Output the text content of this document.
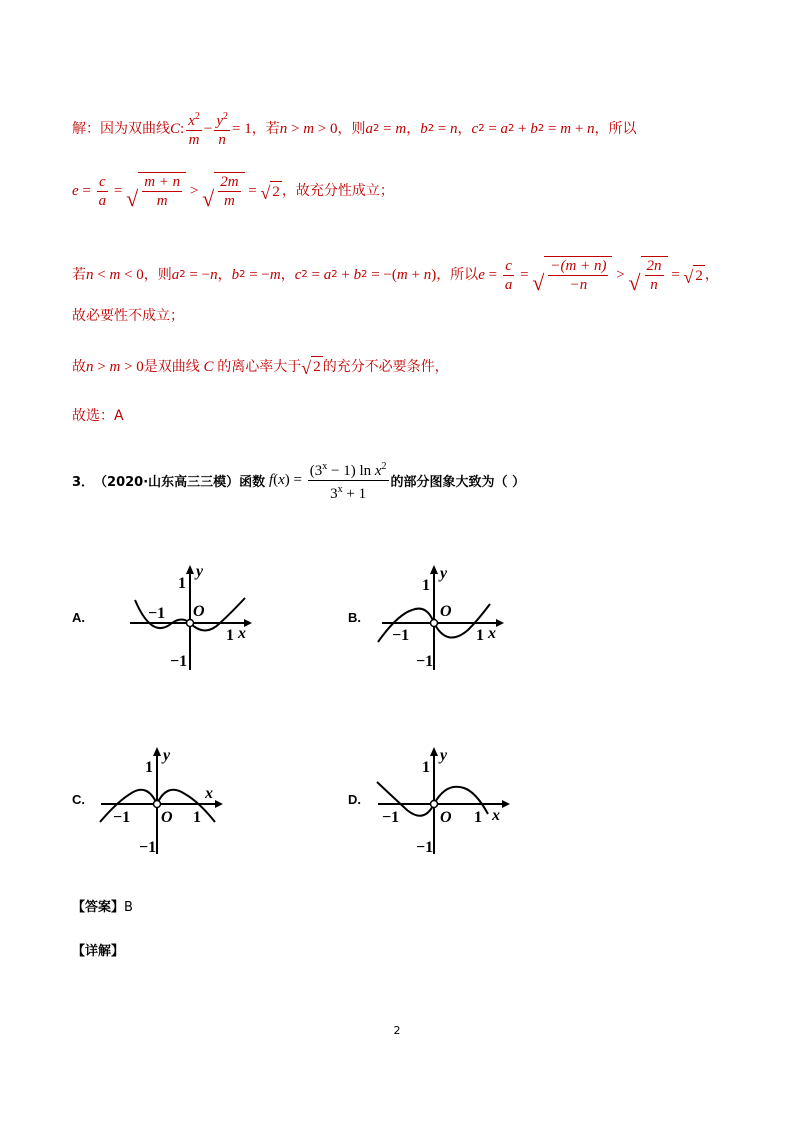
解：因为双曲线 C : $\frac{x^2}{m} - \frac{y^2}{n} = 1$ ，若 n > m > 0 ，则 a 2 = m ， b 2 = n ， c 2 = a 2 + b 2 = m + n ，所以
$e = \frac{c}{a}$ = √ $\frac{m + n}{m}$ > √ $\frac{2m}{m}$ = √ 2 ，故充分性成立；
若 n < m < 0 ，则 a 2 = − n ， b 2 = − m ， c 2 = a 2 + b 2 = −( m + n ) ，所以 $e = \frac{c}{a}$ = √ $\frac{-(m + n)}{-n}$ > √ $\frac{2n}{n}$ = √ 2 ，
故必要性不成立；
故 n > m > 0 是双曲线 C 的离心率大于 √ 2 的充分不必要条件，
故选：A
3． （2020·山东高三三模） 函数 f ( x ) = $\frac{(3^x - 1) \ln x^2}{3^x + 1}$ 的部分图象大致为（ ）
A.	B.
C.	D.
y
1
−1 O
1 x
−1
y
1
O
−1	1 x
−1
y
1
x
−1 O 1
−1
y
1
−1	O 1 x
−1
【答案】B
【详解】
2
